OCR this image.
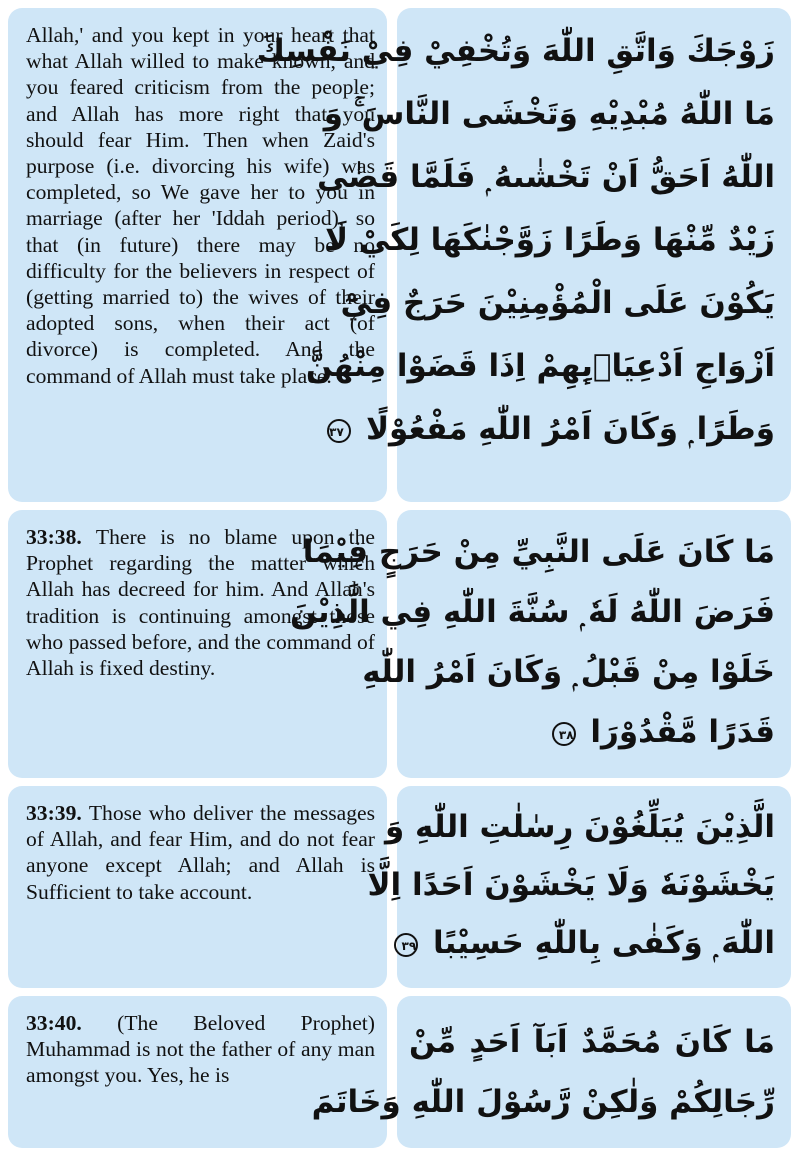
Allah,' and you kept in your heart that what Allah willed to make known, and you feared criticism from the people; and Allah has more right that you should fear Him. Then when Zaid's purpose (i.e. divorcing his wife) was completed, so We gave her to you in marriage (after her 'Iddah period), so that (in future) there may be no difficulty for the believers in respect of (getting married to) the wives of their adopted sons, when their act (of divorce) is completed. And the command of Allah must take place.
زَوْجَكَ وَاتَّقِ اللّٰهَ وَتُخْفِيْ فِيْ نَفْسِكَ
مَا اللّٰهُ مُبْدِيْهِ وَتَخْشَى النَّاسَ ۚ وَ
اللّٰهُ اَحَقُّ اَنْ تَخْشٰىهُ ۭ فَلَمَّا قَضٰى
زَيْدٌ مِّنْهَا وَطَرًا زَوَّجْنٰكَهَا لِكَيْ لَا
يَكُوْنَ عَلَى الْمُؤْمِنِيْنَ حَرَجٌ فِيْٓ
اَزْوَاجِ اَدْعِيَاۗىِٕهِمْ اِذَا قَضَوْا مِنْهُنَّ
وَطَرًا ۭ وَكَانَ اَمْرُ اللّٰهِ مَفْعُوْلًا ٣٧
33:38. There is no blame upon the Prophet regarding the matter which Allah has decreed for him. And Allah's tradition is continuing amongst those who passed before, and the command of Allah is fixed destiny.
مَا كَانَ عَلَى النَّبِيِّ مِنْ حَرَجٍ فِيْمَا
فَرَضَ اللّٰهُ لَهٗ ۭ سُنَّةَ اللّٰهِ فِي الَّذِيْنَ
خَلَوْا مِنْ قَبْلُ ۭ وَكَانَ اَمْرُ اللّٰهِ
قَدَرًا مَّقْدُوْرَا ٣٨
33:39. Those who deliver the messages of Allah, and fear Him, and do not fear anyone except Allah; and Allah is Sufficient to take account.
الَّذِيْنَ يُبَلِّغُوْنَ رِسٰلٰتِ اللّٰهِ وَ
يَخْشَوْنَهٗ وَلَا يَخْشَوْنَ اَحَدًا اِلَّا
اللّٰهَ ۭ وَكَفٰى بِاللّٰهِ حَسِيْبًا ٣٩
33:40. (The Beloved Prophet) Muhammad is not the father of any man amongst you. Yes, he is
مَا كَانَ مُحَمَّدٌ اَبَآ اَحَدٍ مِّنْ
رِّجَالِكُمْ وَلٰكِنْ رَّسُوْلَ اللّٰهِ وَخَاتَمَ
